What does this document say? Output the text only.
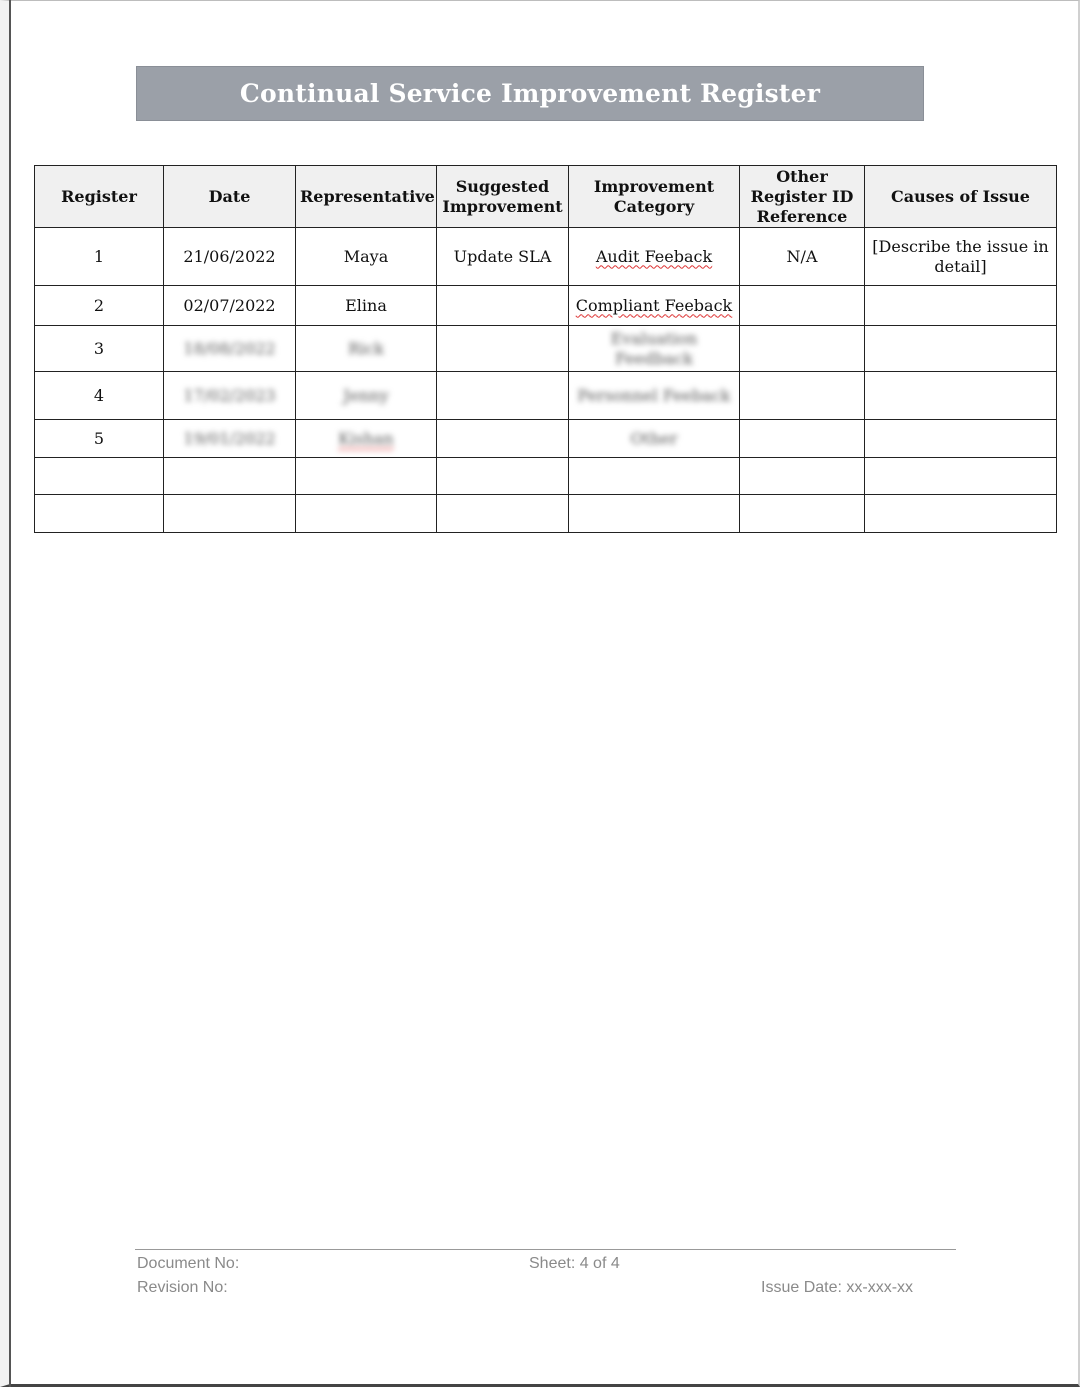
Continual Service Improvement Register
Register	Date	Representative	Suggested Improvement	Improvement Category	Other Register ID Reference	Causes of Issue
1	21/06/2022	Maya	Update SLA	Audit Feeback	N/A	[Describe the issue in detail]
2	02/07/2022	Elina		Compliant Feeback		
3	18/08/2022	Rick		Evaluation Feedback		
4	17/02/2023	Jenny		Personnel Feeback		
5	19/01/2022	Kishan		Other		

Document No:
Revision No:
Sheet: 4 of 4
Issue Date: xx-xxx-xx
